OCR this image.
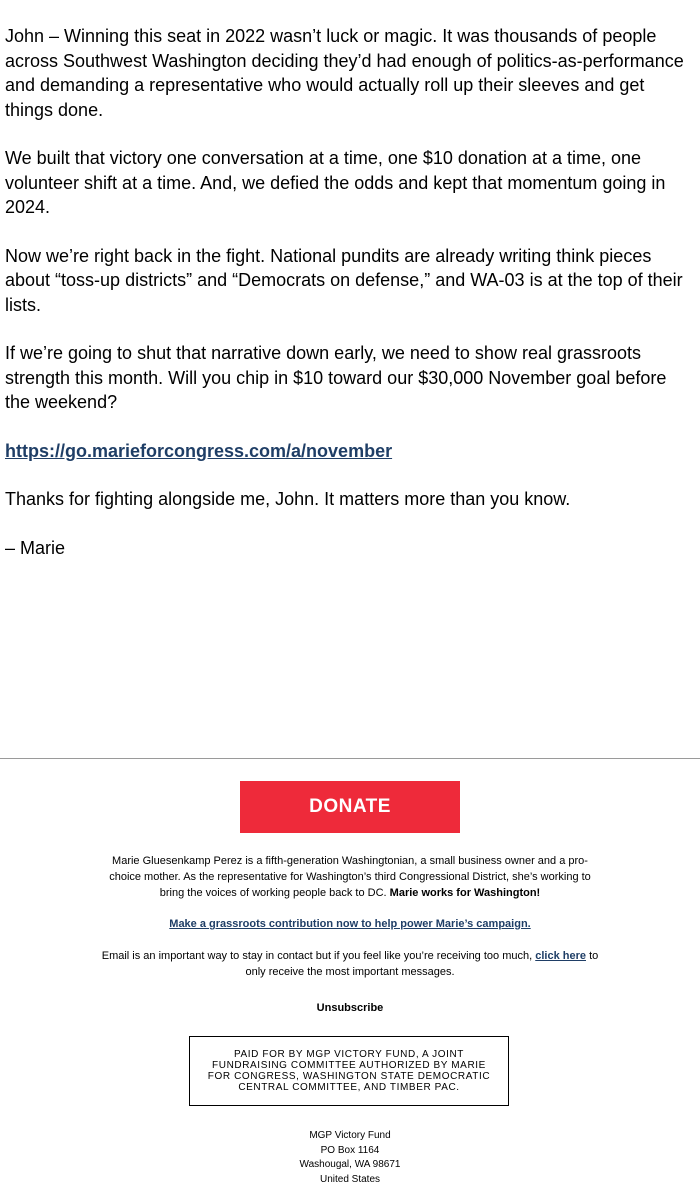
John – Winning this seat in 2022 wasn’t luck or magic. It was thousands of people across Southwest Washington deciding they’d had enough of politics-as-performance and demanding a representative who would actually roll up their sleeves and get things done.

We built that victory one conversation at a time, one $10 donation at a time, one volunteer shift at a time. And, we defied the odds and kept that momentum going in 2024.

Now we’re right back in the fight. National pundits are already writing think pieces about “toss-up districts” and “Democrats on defense,” and WA-03 is at the top of their lists.

If we’re going to shut that narrative down early, we need to show real grassroots strength this month. Will you chip in $10 toward our $30,000 November goal before the weekend?

https://go.marieforcongress.com/a/november

Thanks for fighting alongside me, John. It matters more than you know.

– Marie

DONATE
Marie Gluesenkamp Perez is a fifth-generation Washingtonian, a small business owner and a pro-choice mother. As the representative for Washington’s third Congressional District, she’s working to bring the voices of working people back to DC. Marie works for Washington!
Make a grassroots contribution now to help power Marie’s campaign.
Email is an important way to stay in contact but if you feel like you’re receiving too much, click here to only receive the most important messages.
Unsubscribe
PAID FOR BY MGP VICTORY FUND, A JOINT FUNDRAISING COMMITTEE AUTHORIZED BY MARIE FOR CONGRESS, WASHINGTON STATE DEMOCRATIC CENTRAL COMMITTEE, AND TIMBER PAC.
MGP Victory Fund
PO Box 1164
Washougal, WA 98671
United States
